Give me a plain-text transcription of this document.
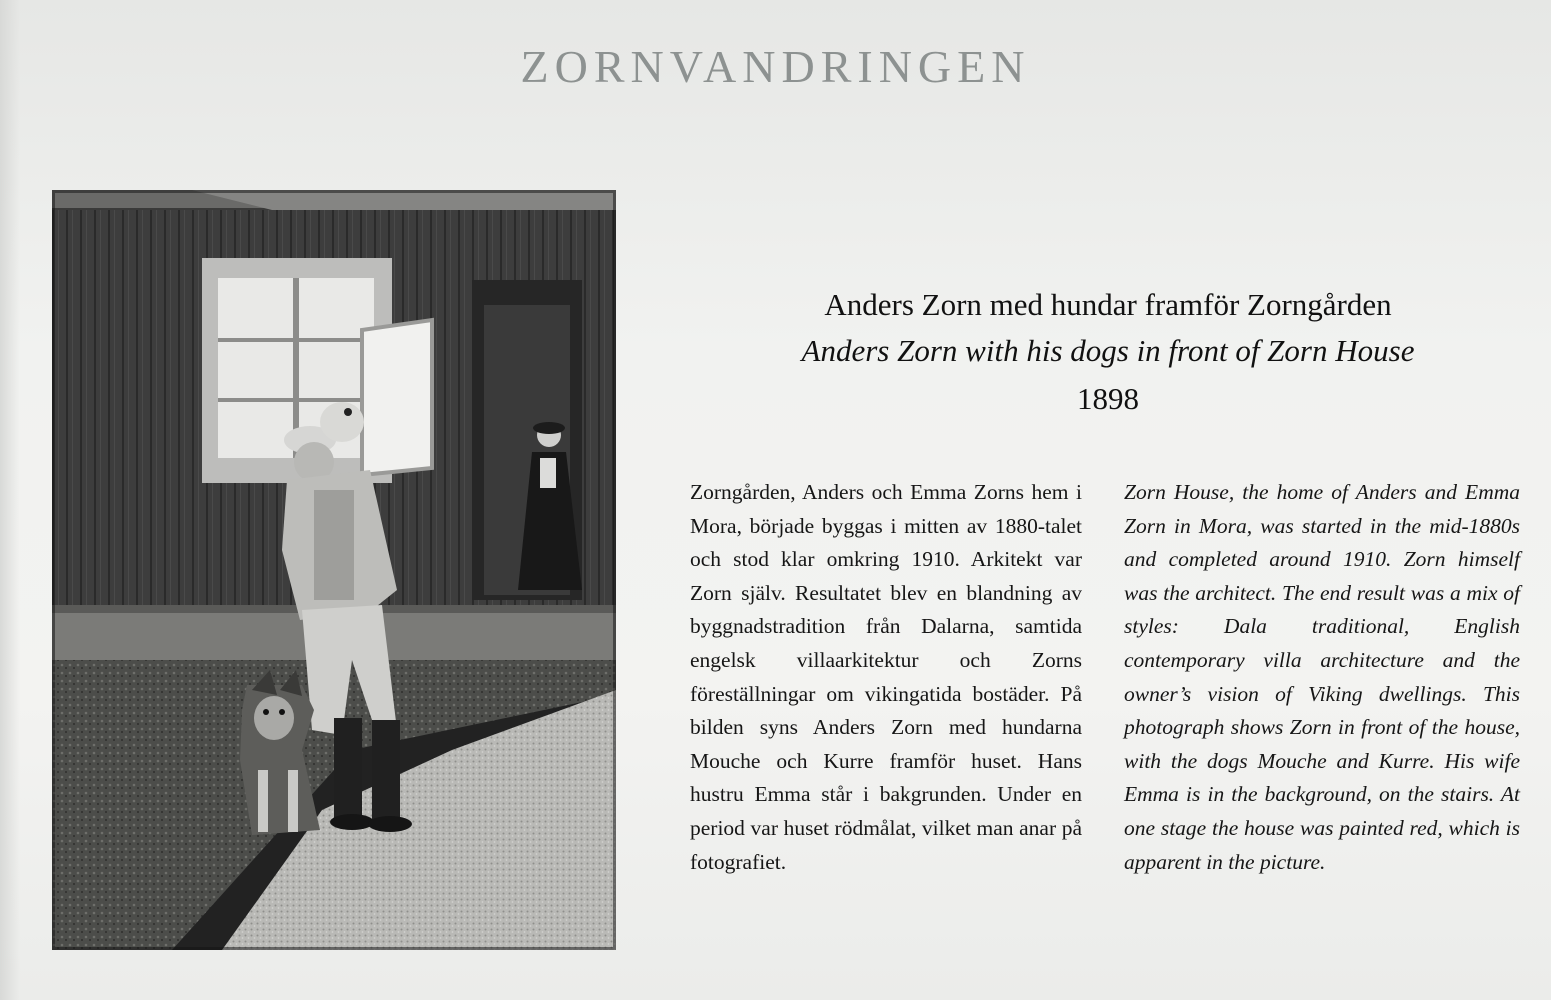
ZORNVANDRINGEN
Anders Zorn med hundar framför Zorngården
Anders Zorn with his dogs in front of Zorn House
1898

Zorngården, Anders och Emma Zorns hem i Mora, började byggas i mitten av 1880-talet och stod klar omkring 1910. Arkitekt var Zorn själv. Resultatet blev en blandning av byggnadstradition från Dalarna, samtida engelsk villaarkitektur och Zorns föreställningar om vikingatida bostäder. På bilden syns Anders Zorn med hundarna Mouche och Kurre framför huset. Hans hustru Emma står i bakgrunden. Under en period var huset rödmålat, vilket man anar på fotografiet.

Zorn House, the home of Anders and Emma Zorn in Mora, was started in the mid-1880s and completed around 1910. Zorn himself was the architect. The end result was a mix of styles: Dala traditional, English contemporary villa architecture and the owner’s vision of Viking dwellings. This photograph shows Zorn in front of the house, with the dogs Mouche and Kurre. His wife Emma is in the background, on the stairs. At one stage the house was painted red, which is apparent in the picture.
